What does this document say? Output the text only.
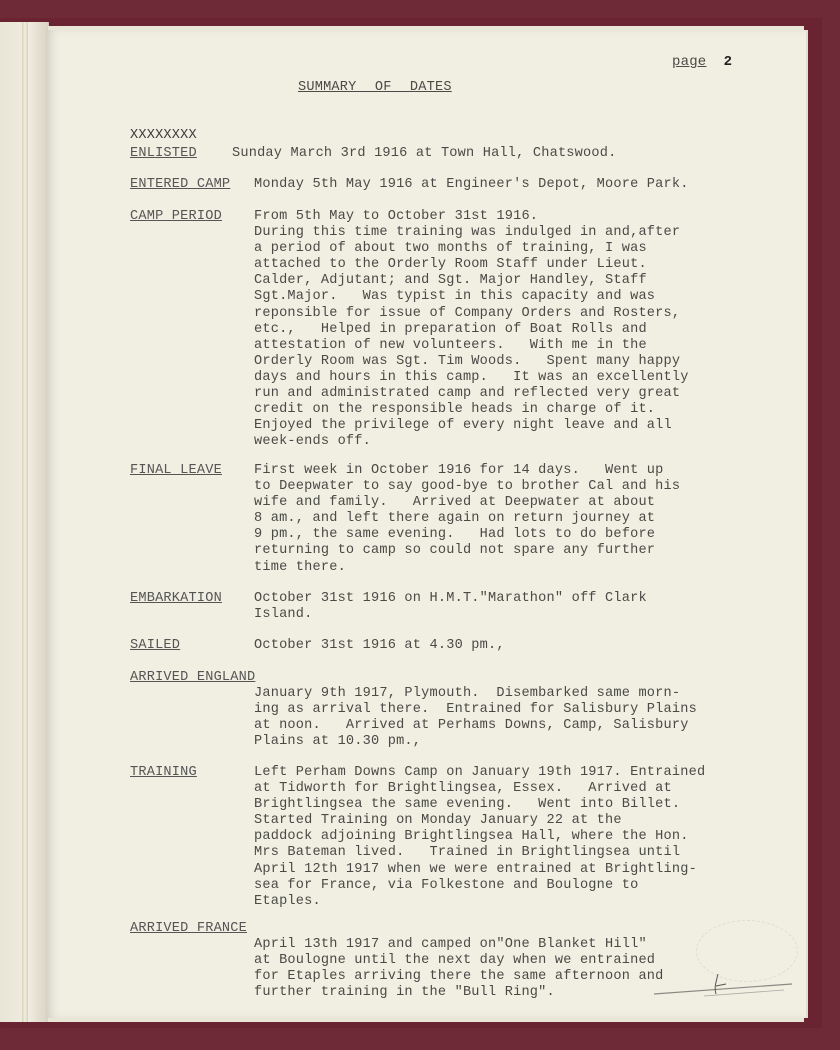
page 2
SUMMARY OF DATES
XXXXXXXX
ENLISTED	Sunday March 3rd 1916 at Town Hall, Chatswood.
ENTERED CAMP Monday 5th May 1916 at Engineer's Depot, Moore Park.
CAMP PERIOD From 5th May to October 31st 1916.
During this time training was indulged in and,after
a period of about two months of training, I was
attached to the Orderly Room Staff under Lieut.
Calder, Adjutant; and Sgt. Major Handley, Staff
Sgt.Major.   Was typist in this capacity and was
reponsible for issue of Company Orders and Rosters,
etc.,   Helped in preparation of Boat Rolls and
attestation of new volunteers.   With me in the
Orderly Room was Sgt. Tim Woods.   Spent many happy
days and hours in this camp.   It was an excellently
run and administrated camp and reflected very great
credit on the responsible heads in charge of it.
Enjoyed the privilege of every night leave and all
week-ends off.
FINAL LEAVE First week in October 1916 for 14 days.   Went up
to Deepwater to say good-bye to brother Cal and his
wife and family.   Arrived at Deepwater at about
8 am., and left there again on return journey at
9 pm., the same evening.   Had lots to do before
returning to camp so could not spare any further
time there.
EMBARKATION October 31st 1916 on H.M.T."Marathon" off Clark
Island.
SAILED	October 31st 1916 at 4.30 pm.,
ARRIVED ENGLAND
January 9th 1917, Plymouth.  Disembarked same morn-
ing as arrival there.  Entrained for Salisbury Plains
at noon.   Arrived at Perhams Downs, Camp, Salisbury
Plains at 10.30 pm.,
TRAINING	Left Perham Downs Camp on January 19th 1917. Entrained
at Tidworth for Brightlingsea, Essex.   Arrived at
Brightlingsea the same evening.   Went into Billet.
Started Training on Monday January 22 at the
paddock adjoining Brightlingsea Hall, where the Hon.
Mrs Bateman lived.   Trained in Brightlingsea until
April 12th 1917 when we were entrained at Brightling-
sea for France, via Folkestone and Boulogne to
Etaples.
ARRIVED FRANCE
April 13th 1917 and camped on"One Blanket Hill"
at Boulogne until the next day when we entrained
for Etaples arriving there the same afternoon and
further training in the "Bull Ring".
